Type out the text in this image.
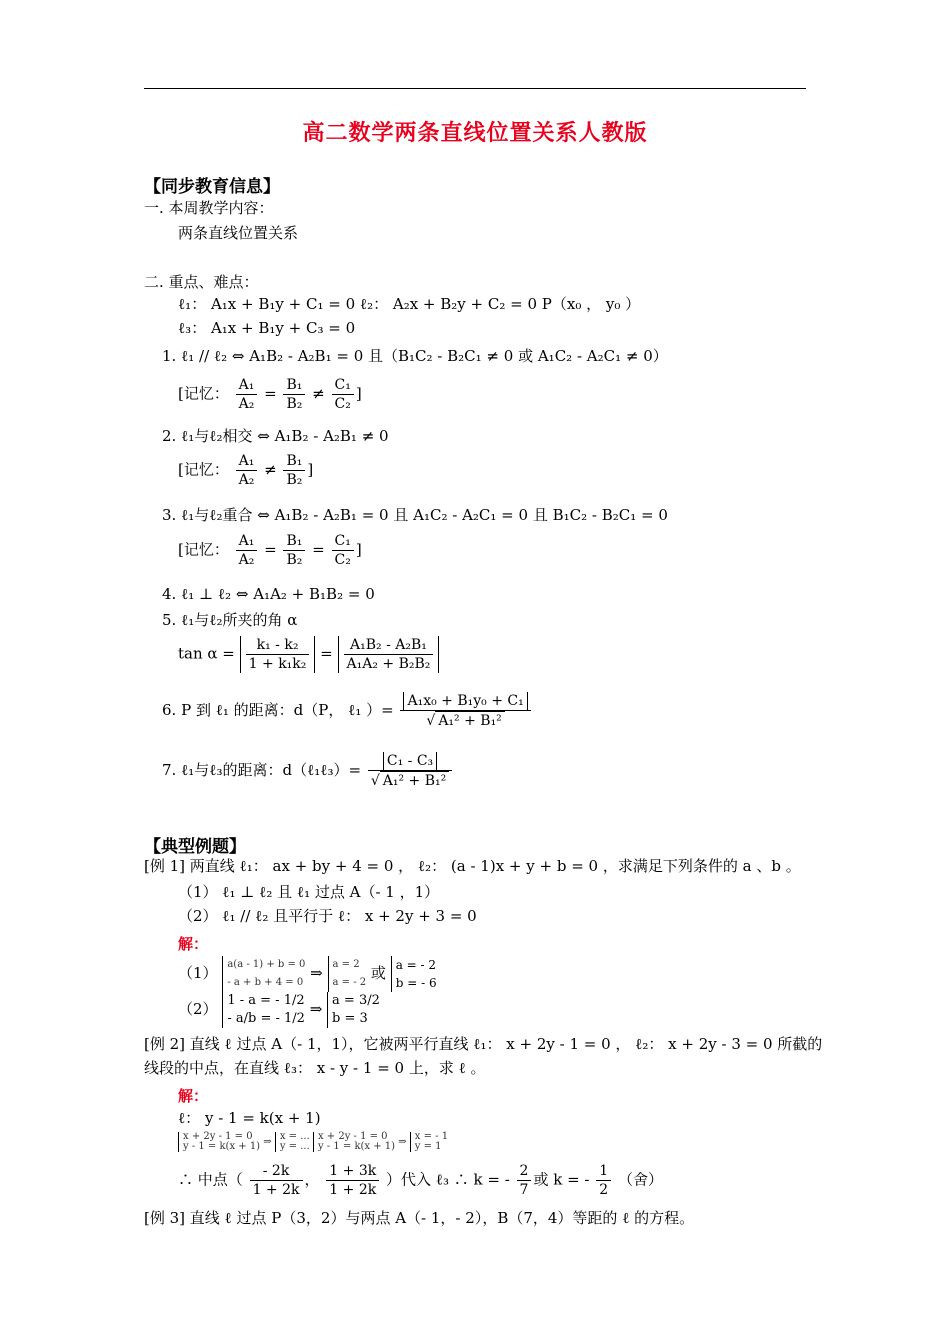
高二数学两条直线位置关系人教版
【同步教育信息】
一. 本周教学内容：
两条直线位置关系
二. 重点、难点：
ℓ₁： A₁x + B₁y + C₁ = 0 ℓ₂： A₂x + B₂y + C₂ = 0 P（x₀ ， y₀ ）
ℓ₃： A₁x + B₁y + C₃ = 0
1. ℓ₁ // ℓ₂ ⇔ A₁B₂ - A₂B₁ = 0 且（B₁C₂ - B₂C₁ ≠ 0 或 A₁C₂ - A₂C₁ ≠ 0）
[记忆： $\frac{\text{A₁}}{\text{A₂}} = \frac{\text{B₁}}{\text{B₂}} \ne \frac{\text{C₁}}{\text{C₂}}$ ]
2. ℓ₁与ℓ₂相交 ⇔ A₁B₂ - A₂B₁ ≠ 0
[记忆： $\frac{\text{A₁}}{\text{A₂}} \ne \frac{\text{B₁}}{\text{B₂}}$ ]
3. ℓ₁与ℓ₂重合 ⇔ A₁B₂ - A₂B₁ = 0 且 A₁C₂ - A₂C₁ = 0 且 B₁C₂ - B₂C₁ = 0
[记忆： $\frac{\text{A₁}}{\text{A₂}} = \frac{\text{B₁}}{\text{B₂}} = \frac{\text{C₁}}{\text{C₂}}$ ]
4. ℓ₁ ⊥ ℓ₂ ⇔ A₁A₂ + B₁B₂ = 0
5. ℓ₁与ℓ₂所夹的角 α
$\tan \alpha = \frac{\text{k₁ - k₂}}{\text{1 + k₁k₂}} = \frac{\text{A₁B₂ - A₂B₁}}{\text{A₁A₂ + B₂B₂}}$
6. P 到 ℓ₁ 的距离：d（P， ℓ₁ ）= $\frac{\text{A₁x₀ + B₁y₀ + C₁}}{\text{√ A₁² + B₁²}}$
7. ℓ₁与ℓ₃的距离：d（ℓ₁ℓ₃）= $\frac{\text{C₁ - C₃}}{\text{√ A₁² + B₁²}}$
【典型例题】
[例 1] 两直线 ℓ₁： ax + by + 4 = 0 ， ℓ₂： (a - 1)x + y + b = 0 ，求满足下列条件的 a 、b 。
（1） ℓ₁ ⊥ ℓ₂ 且 ℓ₁ 过点 A（- 1 ，1）
（2） ℓ₁ // ℓ₂ 且平行于 ℓ： x + 2y + 3 = 0
解：
（1） a(a - 1) + b = 0
- a + b + 4 = 0 ⇒ a = 2
a = - 2 或 a = - 2
b = - 6
（2） 1 - a = - 1/2
- a/b = - 1/2 ⇒ a = 3/2
b = 3
[例 2] 直线 ℓ 过点 A（- 1，1），它被两平行直线 ℓ₁： x + 2y - 1 = 0 ， ℓ₂： x + 2y - 3 = 0 所截的
线段的中点，在直线 ℓ₃： x - y - 1 = 0 上，求 ℓ 。
解：
ℓ： y - 1 = k(x + 1)
x + 2y - 1 = 0
y - 1 = k(x + 1) ⇒ x = ...
y = ... x + 2y - 1 = 0
y - 1 = k(x + 1) ⇒ x = - 1
y = 1
∴ 中点（ $\frac{- 2k}{1 + 2k}$ ， $\frac{1 + 3k}{1 + 2k}$ ）代入 ℓ₃ ∴ k = - $\frac{2}{7}$ 或 k = - $\frac{1}{2}$ （舍）
[例 3] 直线 ℓ 过点 P（3，2）与两点 A（- 1，- 2），B（7，4）等距的 ℓ 的方程。
